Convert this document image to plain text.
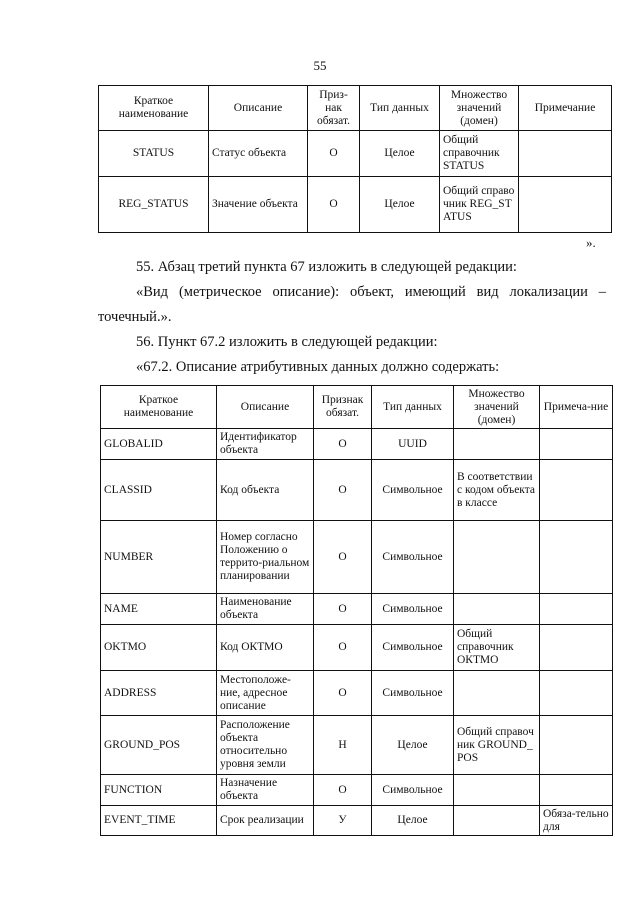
55
Краткое наименование	Описание	Приз-нак обязат.	Тип данных	Множество значений (домен)	Примечание
STATUS	Статус объекта	О	Целое	Общий справочник STATUS	
REG_STATUS	Значение объекта	О	Целое	Общий справочник REG_STATUS	
».
55. Абзац третий пункта 67 изложить в следующей редакции:
«Вид (метрическое описание): объект, имеющий вид локализации –
точечный.».
56. Пункт 67.2 изложить в следующей редакции:
«67.2. Описание атрибутивных данных должно содержать:
Краткое наименование	Описание	Признак обязат.	Тип данных	Множество значений (домен)	Примеча-ние
GLOBALID	Идентификатор объекта	О	UUID		
CLASSID	Код объекта	О	Символьное	В соответствии с кодом объекта в классе	
NUMBER	Номер согласно Положению о террито-риальном планировании	О	Символьное		
NAME	Наименование объекта	О	Символьное		
OKTMO	Код ОКТМО	О	Символьное	Общий справочник ОКТМО	
ADDRESS	Местоположе-ние, адресное описание	О	Символьное		
GROUND_POS	Расположение объекта относительно уровня земли	Н	Целое	Общий справочник GROUND_POS	
FUNCTION	Назначение объекта	О	Символьное		
EVENT_TIME	Срок реализации	У	Целое		Обяза-тельно для
